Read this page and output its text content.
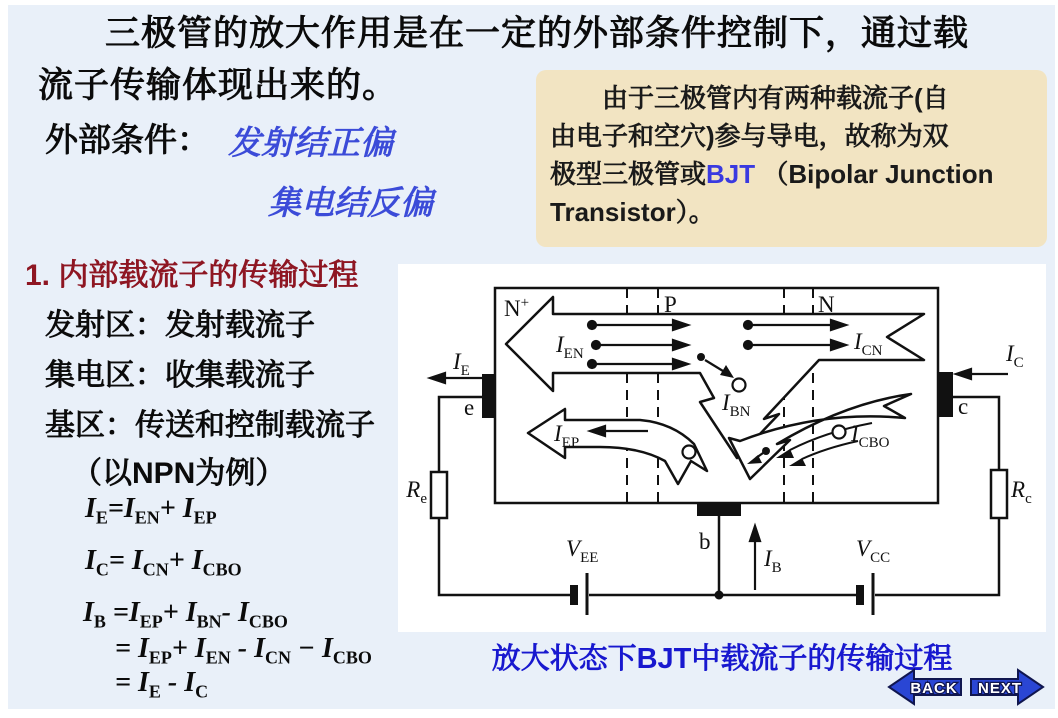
三极管的放大作用是在一定的外部条件控制下，通过载
流子传输体现出来的。
外部条件： 发射结正偏
集电结反偏
由于三极管内有两种载流子(自
由电子和空穴)参与导电，故称为双
极型三极管或BJT （Bipolar Junction
Transistor）。
1. 内部载流子的传输过程
发射区：发射载流子
集电区：收集载流子
基区：传送和控制载流子
（以NPN为例）
$I_E=I_{EN}+ I_{EP}$
$I_C= I_{CN}+ I_{CBO}$
$I_B =I_{EP}+ I_{BN}-$ $I_{CBO}$
= $I_{EP}+ I_{EN} - I_{CN} - I_{CBO}$
= $I_E - I_C$
N+	P	N
$I_{EN}$	$I_{CN}$
$I_{BN}$
$I_{EP}$	$I_{CBO}$
$I_E$
e
$I_C$
c
b
$I_B$
$R_e$
$V_{EE}$	$V_{CC}$
$R_c$
放大状态下BJT中载流子的传输过程
BACK NEXT
